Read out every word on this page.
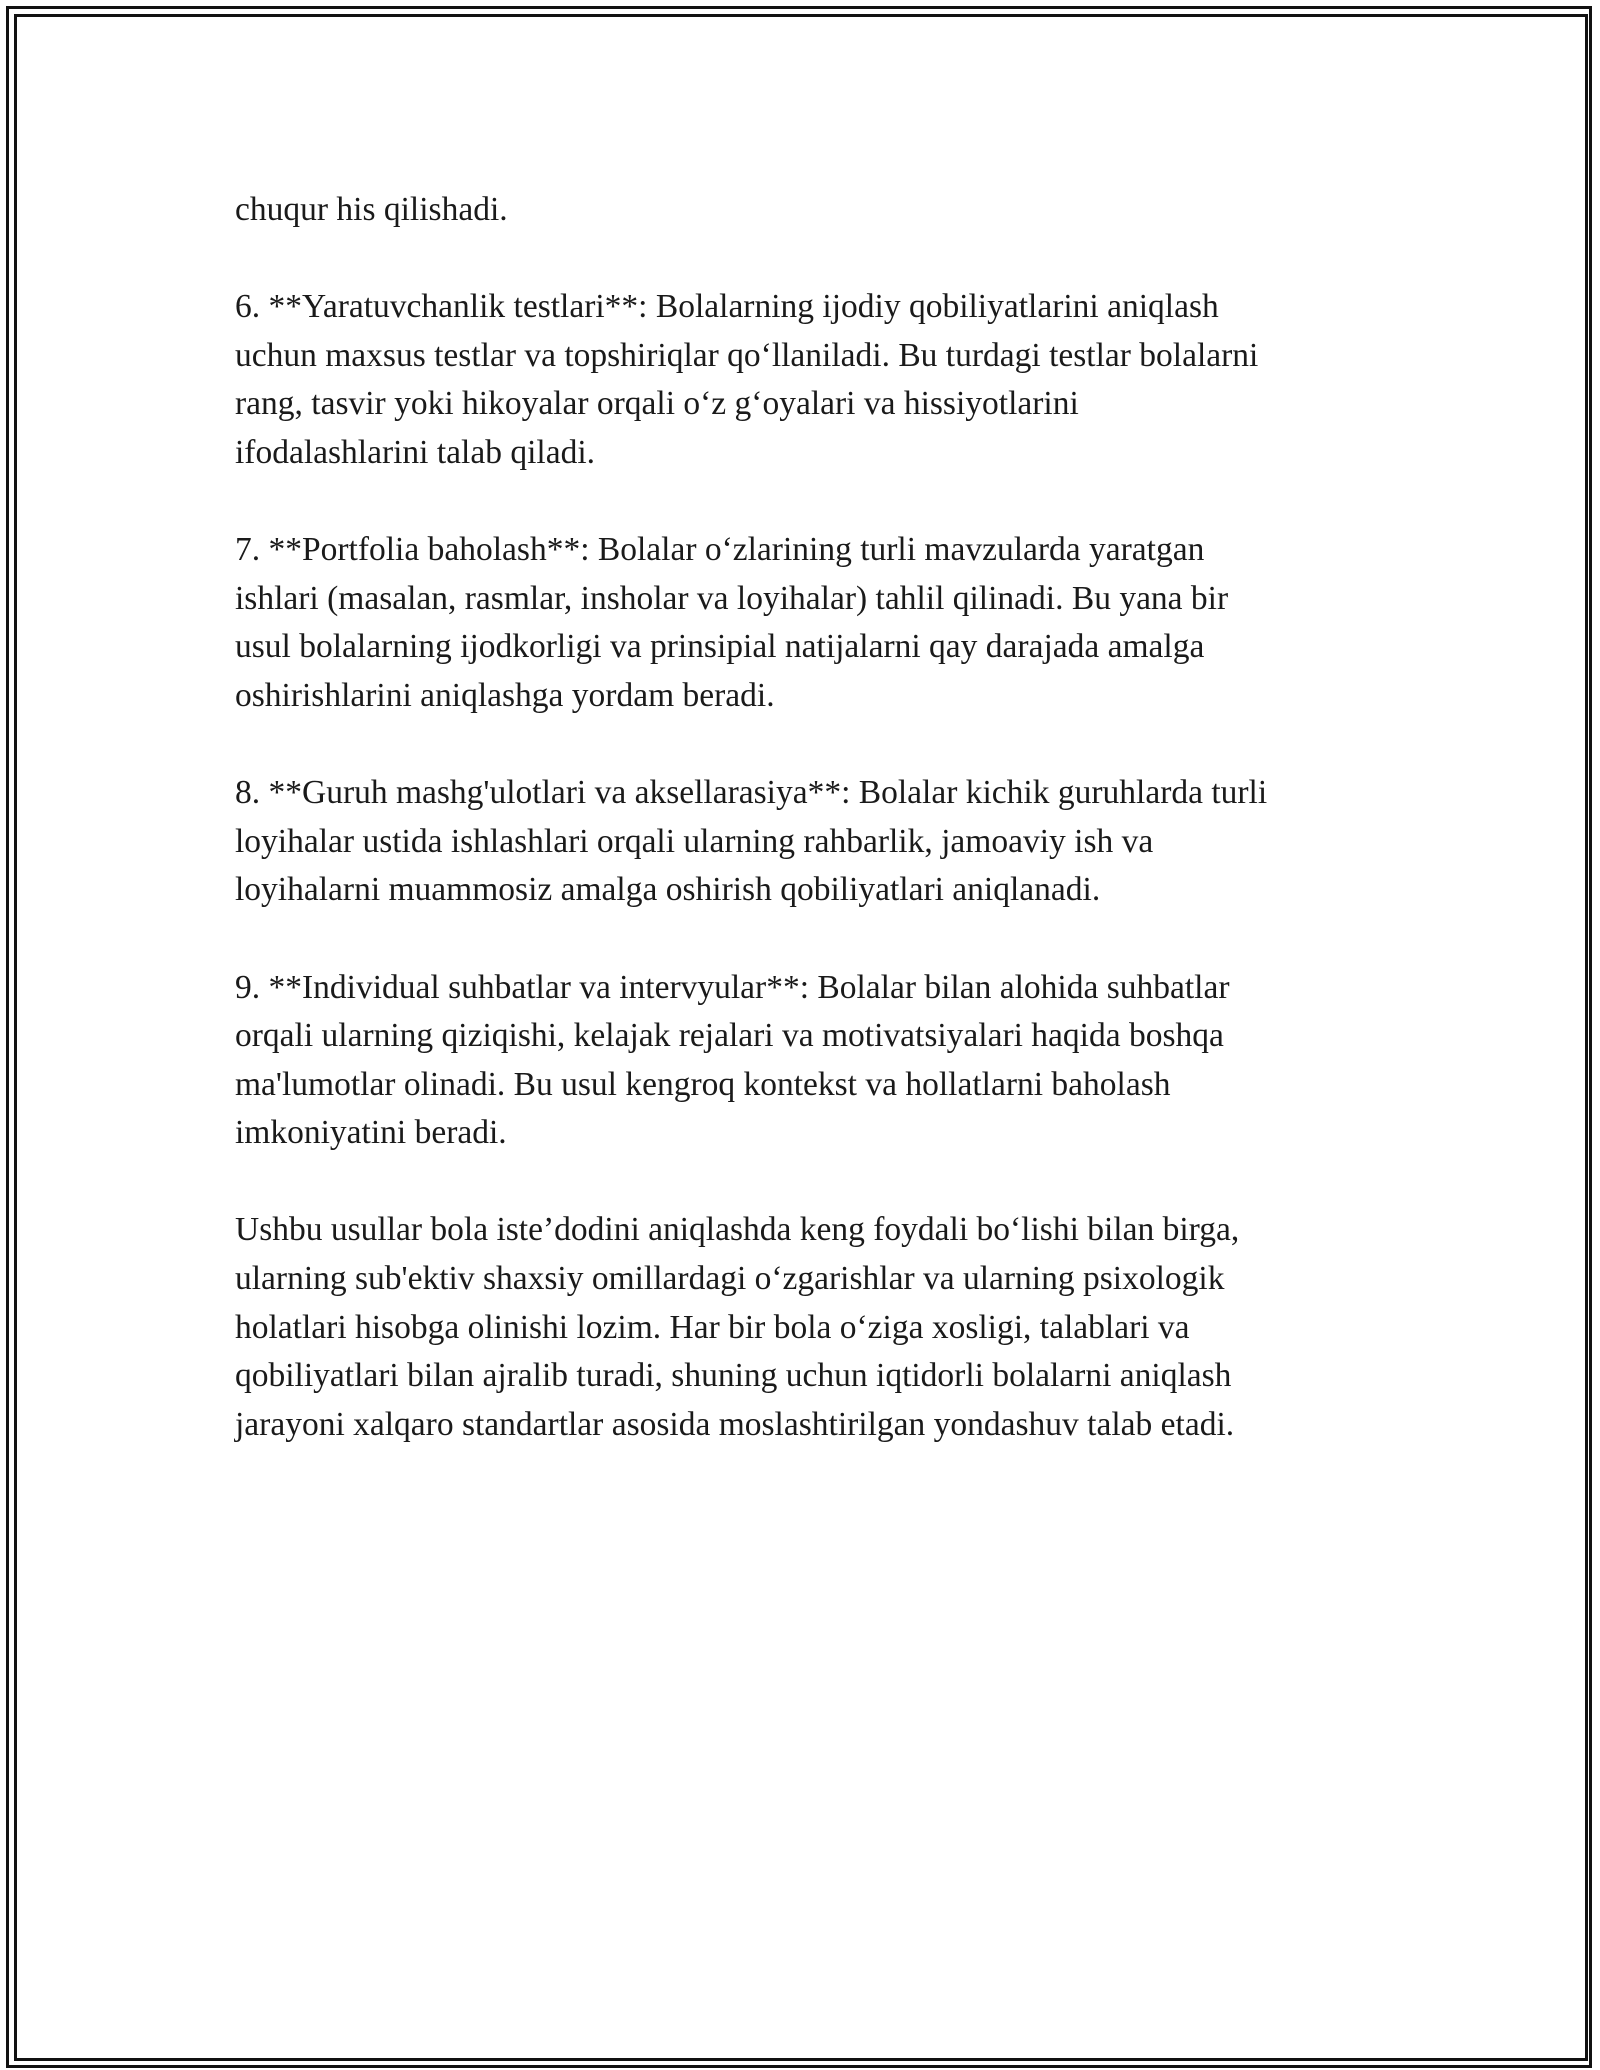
chuqur his qilishadi.

6. **Yaratuvchanlik testlari**: Bolalarning ijodiy qobiliyatlarini aniqlash
uchun maxsus testlar va topshiriqlar qo‘llaniladi. Bu turdagi testlar bolalarni
rang, tasvir yoki hikoyalar orqali o‘z g‘oyalari va hissiyotlarini
ifodalashlarini talab qiladi.

7. **Portfolia baholash**: Bolalar o‘zlarining turli mavzularda yaratgan
ishlari (masalan, rasmlar, insholar va loyihalar) tahlil qilinadi. Bu yana bir
usul bolalarning ijodkorligi va prinsipial natijalarni qay darajada amalga
oshirishlarini aniqlashga yordam beradi.

8. **Guruh mashg'ulotlari va aksellarasiya**: Bolalar kichik guruhlarda turli
loyihalar ustida ishlashlari orqali ularning rahbarlik, jamoaviy ish va
loyihalarni muammosiz amalga oshirish qobiliyatlari aniqlanadi.

9. **Individual suhbatlar va intervyular**: Bolalar bilan alohida suhbatlar
orqali ularning qiziqishi, kelajak rejalari va motivatsiyalari haqida boshqa
ma'lumotlar olinadi. Bu usul kengroq kontekst va hollatlarni baholash
imkoniyatini beradi.

Ushbu usullar bola iste’dodini aniqlashda keng foydali bo‘lishi bilan birga,
ularning sub'ektiv shaxsiy omillardagi o‘zgarishlar va ularning psixologik
holatlari hisobga olinishi lozim. Har bir bola o‘ziga xosligi, talablari va
qobiliyatlari bilan ajralib turadi, shuning uchun iqtidorli bolalarni aniqlash
jarayoni xalqaro standartlar asosida moslashtirilgan yondashuv talab etadi.
